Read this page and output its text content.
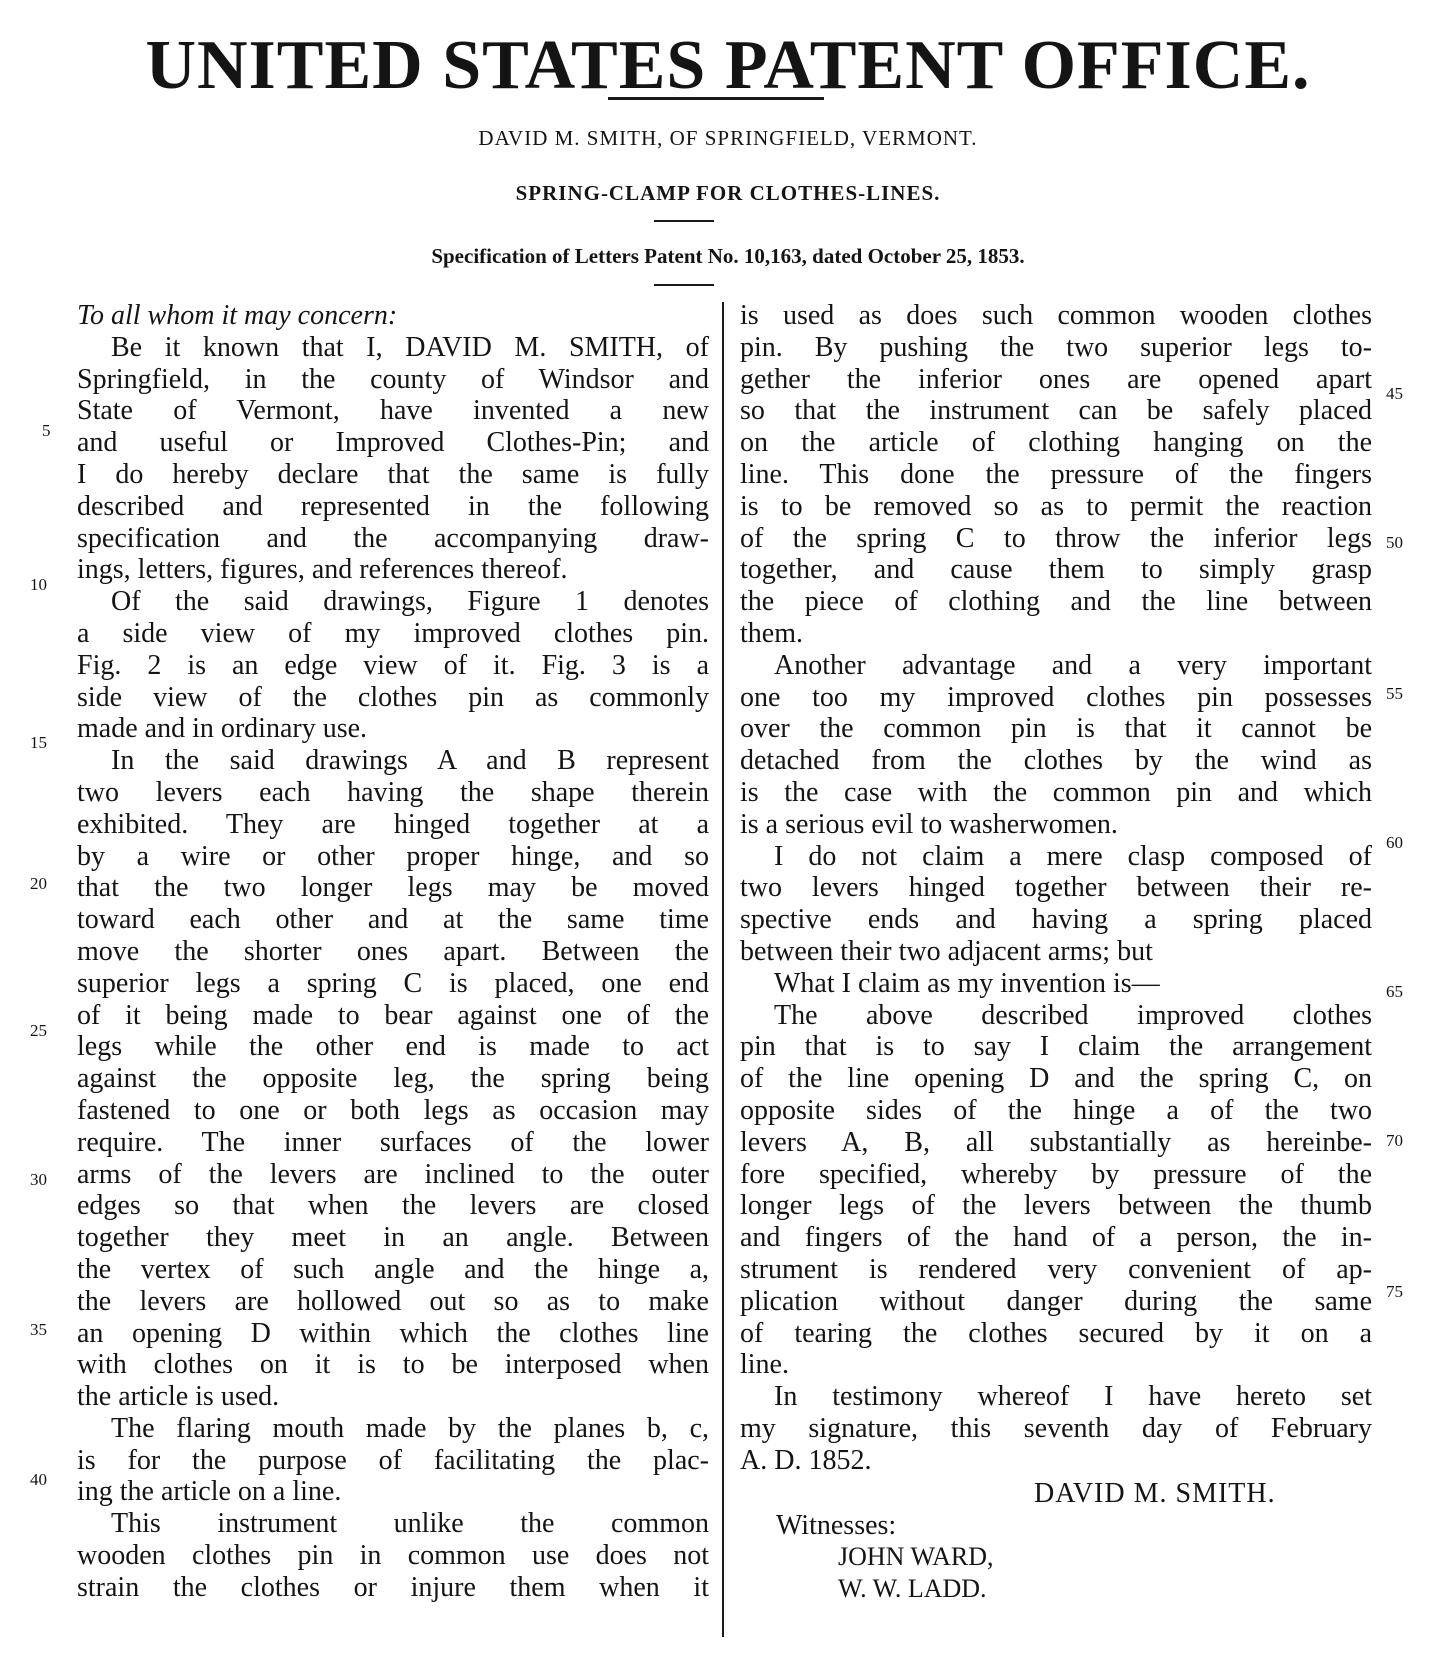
UNITED STATES PATENT OFFICE.
DAVID M. SMITH, OF SPRINGFIELD, VERMONT.
SPRING-CLAMP FOR CLOTHES-LINES.
Specification of Letters Patent No. 10,163, dated October 25, 1853.
To all whom it may concern:
Be it known that I, DAVID M. SMITH, of
Springfield, in the county of Windsor and
State of Vermont, have invented a new
and useful or Improved Clothes-Pin; and
I do hereby declare that the same is fully
described and represented in the following
specification and the accompanying draw-
ings, letters, figures, and references thereof.
Of the said drawings, Figure 1 denotes
a side view of my improved clothes pin.
Fig. 2 is an edge view of it. Fig. 3 is a
side view of the clothes pin as commonly
made and in ordinary use.
In the said drawings A and B represent
two levers each having the shape therein
exhibited. They are hinged together at a
by a wire or other proper hinge, and so
that the two longer legs may be moved
toward each other and at the same time
move the shorter ones apart. Between the
superior legs a spring C is placed, one end
of it being made to bear against one of the
legs while the other end is made to act
against the opposite leg, the spring being
fastened to one or both legs as occasion may
require. The inner surfaces of the lower
arms of the levers are inclined to the outer
edges so that when the levers are closed
together they meet in an angle. Between
the vertex of such angle and the hinge a,
the levers are hollowed out so as to make
an opening D within which the clothes line
with clothes on it is to be interposed when
the article is used.
The flaring mouth made by the planes b, c,
is for the purpose of facilitating the plac-
ing the article on a line.
This instrument unlike the common
wooden clothes pin in common use does not
strain the clothes or injure them when it
is used as does such common wooden clothes
pin. By pushing the two superior legs to-
gether the inferior ones are opened apart
so that the instrument can be safely placed
on the article of clothing hanging on the
line. This done the pressure of the fingers
is to be removed so as to permit the reaction
of the spring C to throw the inferior legs
together, and cause them to simply grasp
the piece of clothing and the line between
them.
Another advantage and a very important
one too my improved clothes pin possesses
over the common pin is that it cannot be
detached from the clothes by the wind as
is the case with the common pin and which
is a serious evil to washerwomen.
I do not claim a mere clasp composed of
two levers hinged together between their re-
spective ends and having a spring placed
between their two adjacent arms; but
What I claim as my invention is—
The above described improved clothes
pin that is to say I claim the arrangement
of the line opening D and the spring C, on
opposite sides of the hinge a of the two
levers A, B, all substantially as hereinbe-
fore specified, whereby by pressure of the
longer legs of the levers between the thumb
and fingers of the hand of a person, the in-
strument is rendered very convenient of ap-
plication without danger during the same
of tearing the clothes secured by it on a
line.
In testimony whereof I have hereto set
my signature, this seventh day of February
A. D. 1852.
5
10
15
20
25
30
35
40
45
50
55
60
65
70
75
DAVID M. SMITH.
Witnesses:
JOHN WARD,
W. W. LADD.
